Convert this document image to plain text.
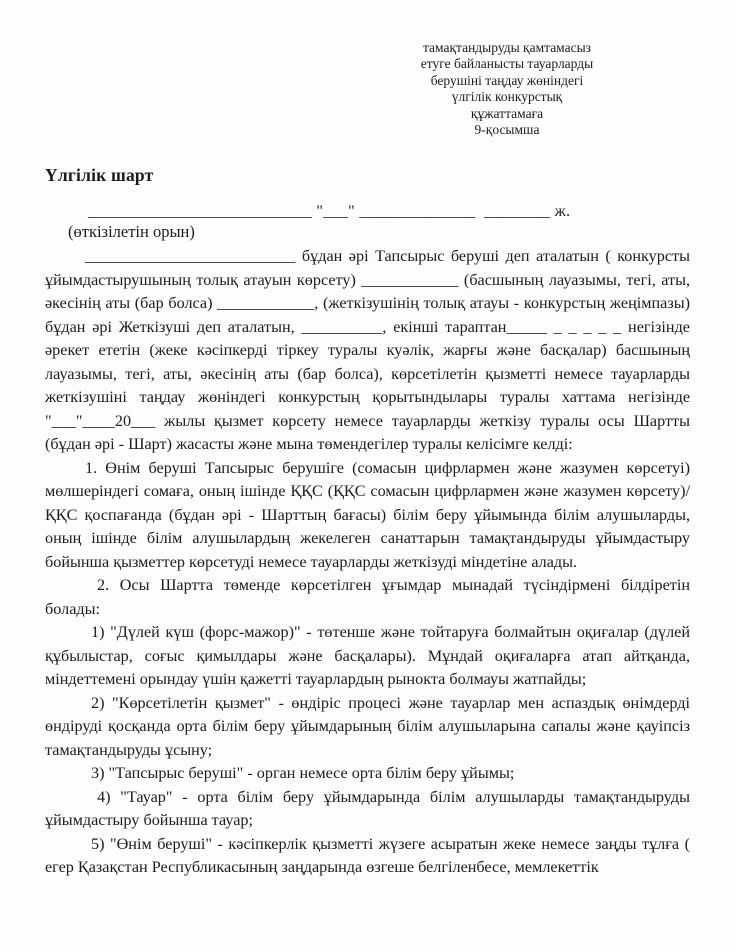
тамақтандыруды қамтамасыз
етуге байланысты тауарларды
берушіні таңдау жөніндегі
үлгілік конкурстық
құжаттамаға
9-қосымша
Үлгілік шарт
___________________________ "___" ______________  ________ ж.
(өткізілетін орын)

__________________________ бұдан әрі Тапсырыс беруші деп аталатын ( конкурсты ұйымдастырушының толық атауын көрсету) ____________ (басшының лауазымы, тегі, аты, әкесінің аты (бар болса) ____________, (жеткізушінің толық атауы - конкурстың жеңімпазы) бұдан әрі Жеткізуші деп аталатын, __________, екінші тараптан_____ _ _ _ _ _ негізінде әрекет ететін (жеке кәсіпкерді тіркеу туралы куәлік, жарғы және басқалар) басшының лауазымы, тегі, аты, әкесінің аты (бар болса), көрсетілетін қызметті немесе тауарларды жеткізушіні таңдау жөніндегі конкурстың қорытындылары туралы хаттама негізінде "___"____20___ жылы қызмет көрсету немесе тауарларды жеткізу туралы осы Шартты (бұдан әрі - Шарт) жасасты және мына төмендегілер туралы келісімге келді:

1. Өнім беруші Тапсырыс берушіге (сомасын цифрлармен және жазумен көрсетуі) мөлшеріндегі сомаға, оның ішінде ҚҚС (ҚҚС сомасын цифрлармен және жазумен көрсету)/ҚҚС қоспағанда (бұдан әрі - Шарттың бағасы) білім беру ұйымында білім алушыларды, оның ішінде білім алушылардың жекелеген санаттарын тамақтандыруды ұйымдастыру бойынша қызметтер көрсетуді немесе тауарларды жеткізуді міндетіне алады.

2. Осы Шартта төменде көрсетілген ұғымдар мынадай түсіндірмені білдіретін болады:

1) "Дүлей күш (форс-мажор)" - төтенше және тойтаруға болмайтын оқиғалар (дүлей құбылыстар, соғыс қимылдары және басқалары). Мұндай оқиғаларға атап айтқанда, міндеттемені орындау үшін қажетті тауарлардың рынокта болмауы жатпайды;

2) "Көрсетілетін қызмет" - өндіріс процесі және тауарлар мен аспаздық өнімдерді өндіруді қосқанда орта білім беру ұйымдарының білім алушыларына сапалы және қауіпсіз тамақтандыруды ұсыну;

3) "Тапсырыс беруші" - орган немесе орта білім беру ұйымы;

4) "Тауар" - орта білім беру ұйымдарында білім алушыларды тамақтандыруды ұйымдастыру бойынша тауар;

5) "Өнім беруші" - кәсіпкерлік қызметті жүзеге асыратын жеке немесе заңды тұлға ( егер Қазақстан Республикасының заңдарында өзгеше белгіленбесе, мемлекеттік
